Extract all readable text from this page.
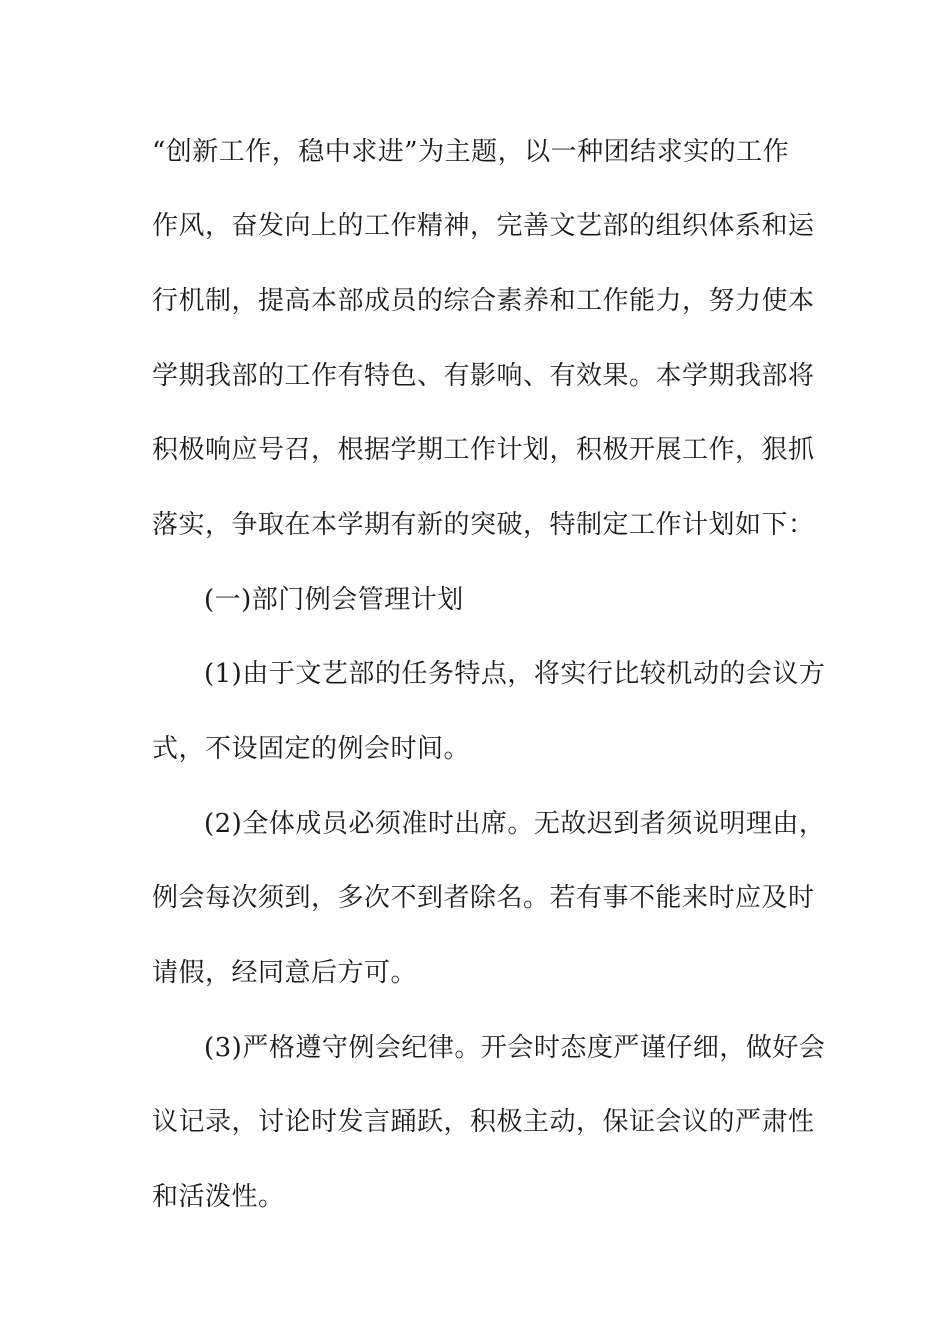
“创新工作，稳中求进”为主题，以一种团结求实的工作
作风，奋发向上的工作精神，完善文艺部的组织体系和运
行机制，提高本部成员的综合素养和工作能力，努力使本
学期我部的工作有特色、有影响、有效果。本学期我部将
积极响应号召，根据学期工作计划，积极开展工作，狠抓
落实，争取在本学期有新的突破，特制定工作计划如下：
(一)部门例会管理计划
(1)由于文艺部的任务特点，将实行比较机动的会议方
式，不设固定的例会时间。
(2)全体成员必须准时出席。无故迟到者须说明理由，
例会每次须到，多次不到者除名。若有事不能来时应及时
请假，经同意后方可。
(3)严格遵守例会纪律。开会时态度严谨仔细，做好会
议记录，讨论时发言踊跃，积极主动，保证会议的严肃性
和活泼性。
